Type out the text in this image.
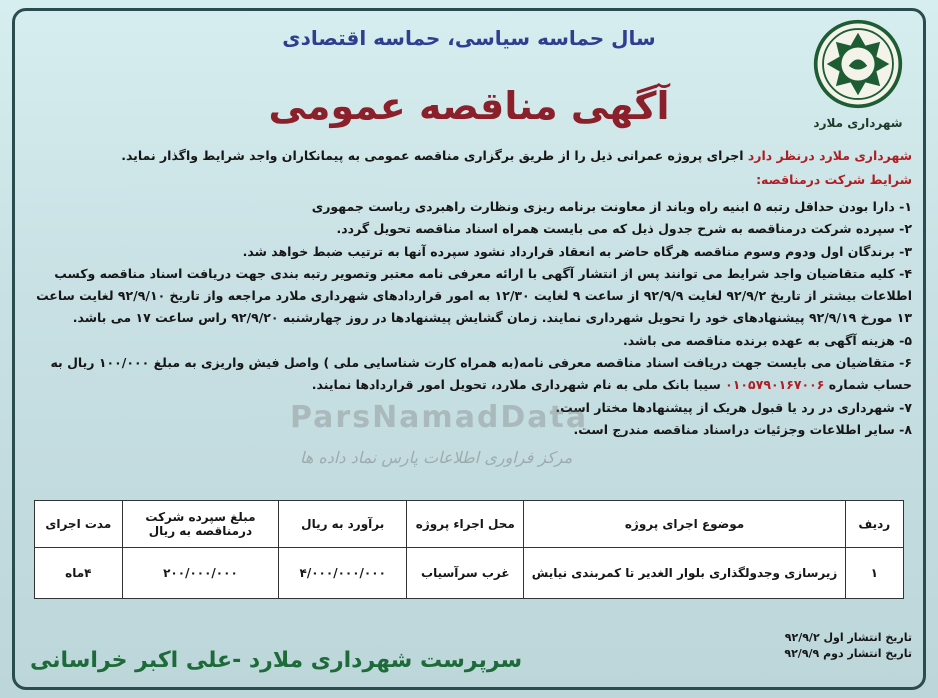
شهرداری ملارد
سال حماسه سیاسی، حماسه اقتصادی
آگهی مناقصه عمومی
شهرداری ملارد درنظر دارد اجرای پروژه عمرانی ذیل را از طریق برگزاری مناقصه عمومی به پیمانکاران واجد شرایط واگذار نماید.
شرایط شرکت درمناقصه:

۱- دارا بودن حداقل رتبه ۵ ابنیه راه وباند از معاونت برنامه ریزی ونظارت راهبردی ریاست جمهوری

۲- سپرده شرکت درمناقصه به شرح جدول ذیل که می بایست همراه اسناد مناقصه تحویل گردد.

۳- برندگان اول ودوم وسوم مناقصه هرگاه حاضر به انعقاد قرارداد نشود سپرده آنها به ترتیب ضبط خواهد شد.

۴- کلیه متقاضیان واجد شرایط می توانند پس از انتشار آگهی با ارائه معرفی نامه معتبر وتصویر رتبه بندی جهت دریافت اسناد مناقصه وکسب اطلاعات بیشتر از تاریخ ۹۲/۹/۲ لغایت ۹۲/۹/۹ از ساعت ۹ لغایت ۱۲/۳۰ به امور قراردادهای شهرداری ملارد مراجعه واز تاریخ ۹۲/۹/۱۰ لغایت ساعت ۱۳ مورخ ۹۲/۹/۱۹ پیشنهادهای خود را تحویل شهرداری نمایند. زمان گشایش پیشنهادها در روز چهارشنبه ۹۲/۹/۲۰ راس ساعت ۱۷ می باشد.

۵- هزینه آگهی به عهده برنده مناقصه می باشد.

۶- متقاضیان می بایست جهت دریافت اسناد مناقصه معرفی نامه(به همراه کارت شناسایی ملی ) واصل فیش واریزی به مبلغ ۱۰۰/۰۰۰ ریال به حساب شماره ۰۱۰۵۷۹۰۱۶۷۰۰۶ سیبا بانک ملی به نام شهرداری ملارد، تحویل امور قراردادها نمایند.

۷- شهرداری در رد یا قبول هریک از پیشنهادها مختار است.

۸- سایر اطلاعات وجزئیات دراسناد مناقصه مندرج است.

ParsNamadData
مرکز فراوری اطلاعات پارس نماد داده ها
ردیف	موضوع اجرای پروژه	محل اجراء پروژه	برآورد به ریال	مبلغ سپرده شرکت درمناقصه به ریال	مدت اجرای
۱	زیرسازی وجدولگذاری بلوار الغدیر تا کمربندی نیایش	غرب سرآسیاب	۴/۰۰۰/۰۰۰/۰۰۰	۲۰۰/۰۰۰/۰۰۰	۴ماه
تاریخ انتشار اول ۹۲/۹/۲
تاریخ انتشار دوم ۹۲/۹/۹
سرپرست شهرداری ملارد -علی اکبر خراسانی
